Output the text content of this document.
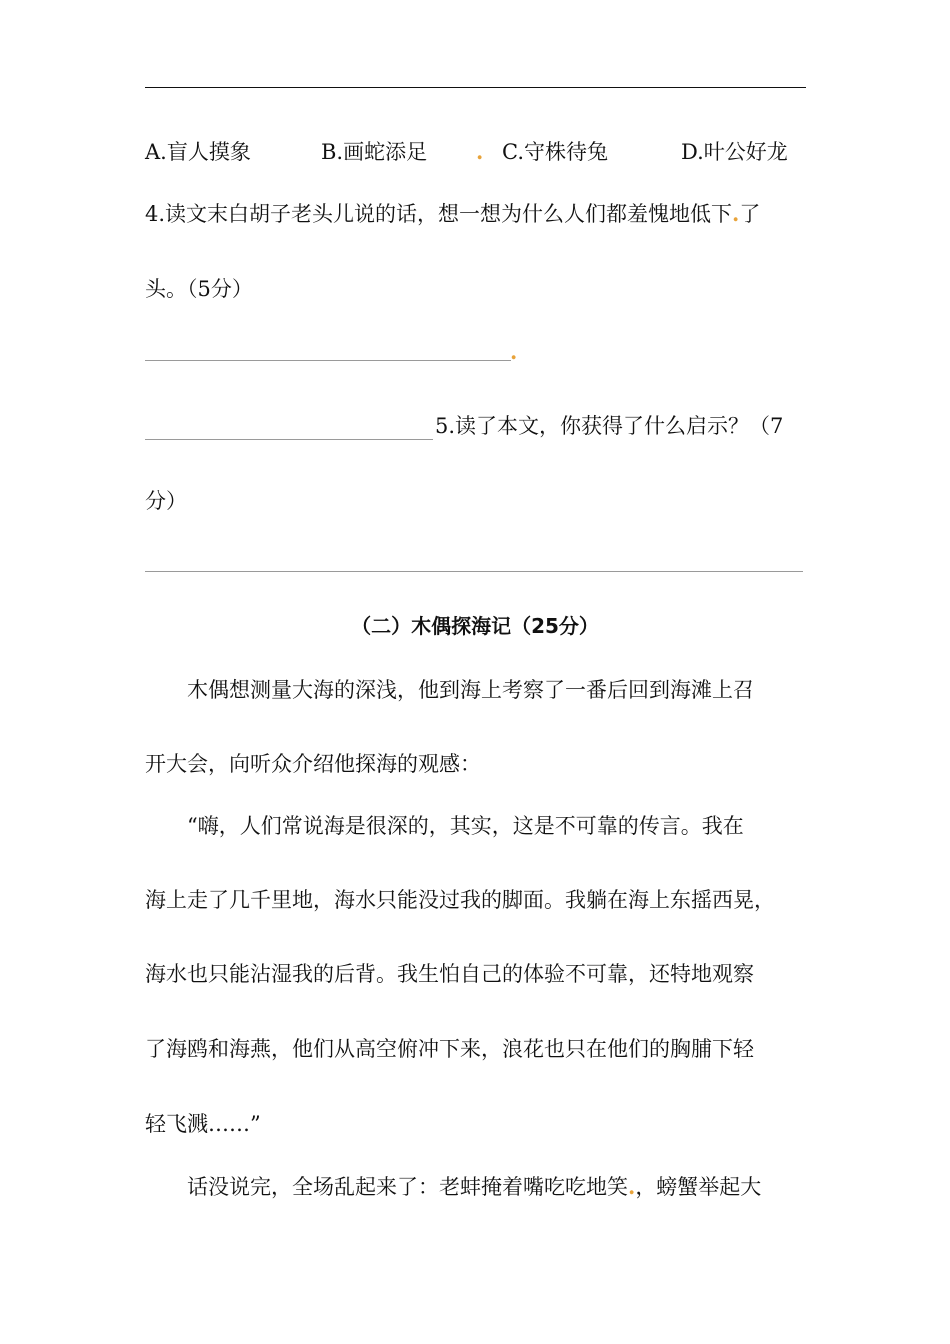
A.盲人摸象	B.画蛇添足 . C.守株待兔	D.叶公好龙
4.读文末白胡子老头儿说的话，想一想为什么人们都羞愧地低下.了
头。（5分）
.
5.读了本文，你获得了什么启示？（7
分）
（二）木偶探海记（25分）
木偶想测量大海的深浅，他到海上考察了一番后回到海滩上召
开大会，向听众介绍他探海的观感：
“嗨，人们常说海是很深的，其实，这是不可靠的传言。我在
海上走了几千里地，海水只能没过我的脚面。我躺在海上东摇西晃，
海水也只能沾湿我的后背。我生怕自己的体验不可靠，还特地观察
了海鸥和海燕，他们从高空俯冲下来，浪花也只在他们的胸脯下轻
轻飞溅……”
话没说完，全场乱起来了：老蚌掩着嘴吃吃地笑.，螃蟹举起大
